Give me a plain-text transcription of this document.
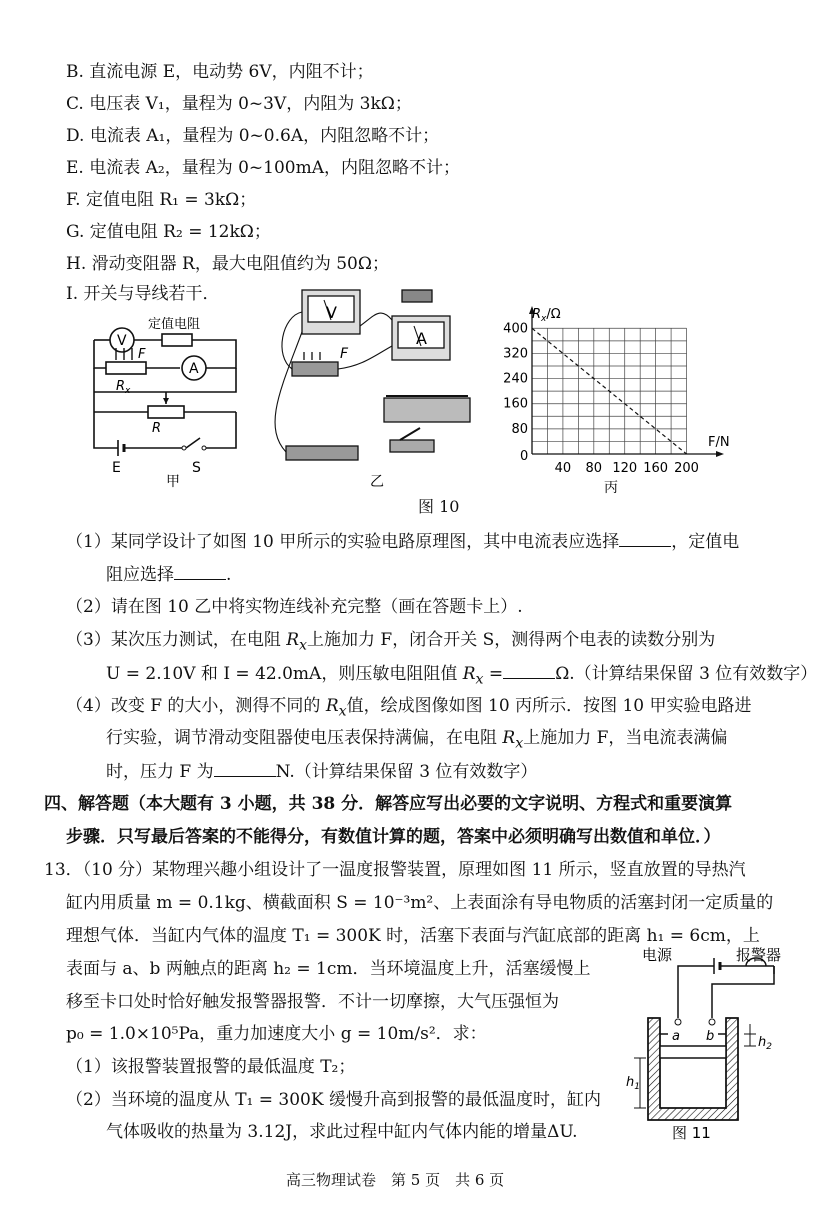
B. 直流电源 E，电动势 6V，内阻不计；
C. 电压表 V₁，量程为 0~3V，内阻为 3kΩ；
D. 电流表 A₁，量程为 0~0.6A，内阻忽略不计；
E. 电流表 A₂，量程为 0~100mA，内阻忽略不计；
F. 定值电阻 R₁ = 3kΩ；
G. 定值电阻 R₂ = 12kΩ；
H. 滑动变阻器 R，最大电阻值约为 50Ω；
I. 开关与导线若干．
V
A
定值电阻
F
$R_x$
R
E	S
甲
V
A
F
乙
40 80 120 160 200
80
160
240
320
400
$R_x/\Omega$
F/N
0
丙
图 10
（1）某同学设计了如图 10 甲所示的实验电路原理图，其中电流表应选择	，定值电
阻应选择	.
（2）请在图 10 乙中将实物连线补充完整（画在答题卡上）.
（3）某次压力测试，在电阻 $R_x$上施加力 F，闭合开关 S，测得两个电表的读数分别为
U = 2.10V 和 I = 42.0mA，则压敏电阻阻值 $R_x$ =	Ω.（计算结果保留 3 位有效数字）
（4）改变 F 的大小，测得不同的 $R_x$值，绘成图像如图 10 丙所示．按图 10 甲实验电路进
行实验，调节滑动变阻器使电压表保持满偏，在电阻 $R_x$上施加力 F，当电流表满偏
时，压力 F 为	N.（计算结果保留 3 位有效数字）
四、解答题（本大题有 3 小题，共 38 分．解答应写出必要的文字说明、方程式和重要演算
步骤．只写最后答案的不能得分，有数值计算的题，答案中必须明确写出数值和单位．）
13．（10 分）某物理兴趣小组设计了一温度报警装置，原理如图 11 所示，竖直放置的导热汽
缸内用质量 m = 0.1kg、横截面积 S = 10⁻³m²、上表面涂有导电物质的活塞封闭一定质量的
理想气体．当缸内气体的温度 T₁ = 300K 时，活塞下表面与汽缸底部的距离 h₁ = 6cm，上
表面与 a、b 两触点的距离 h₂ = 1cm．当环境温度上升，活塞缓慢上
移至卡口处时恰好触发报警器报警．不计一切摩擦，大气压强恒为
p₀ = 1.0×10⁵Pa，重力加速度大小 g = 10m/s²．求：
（1）该报警装置报警的最低温度 T₂；
（2）当环境的温度从 T₁ = 300K 缓慢升高到报警的最低温度时，缸内
气体吸收的热量为 3.12J，求此过程中缸内气体内能的增量ΔU.
电源	报警器
a b
$h_1$
$h_2$
图 11
高三物理试卷　第 5 页　共 6 页
